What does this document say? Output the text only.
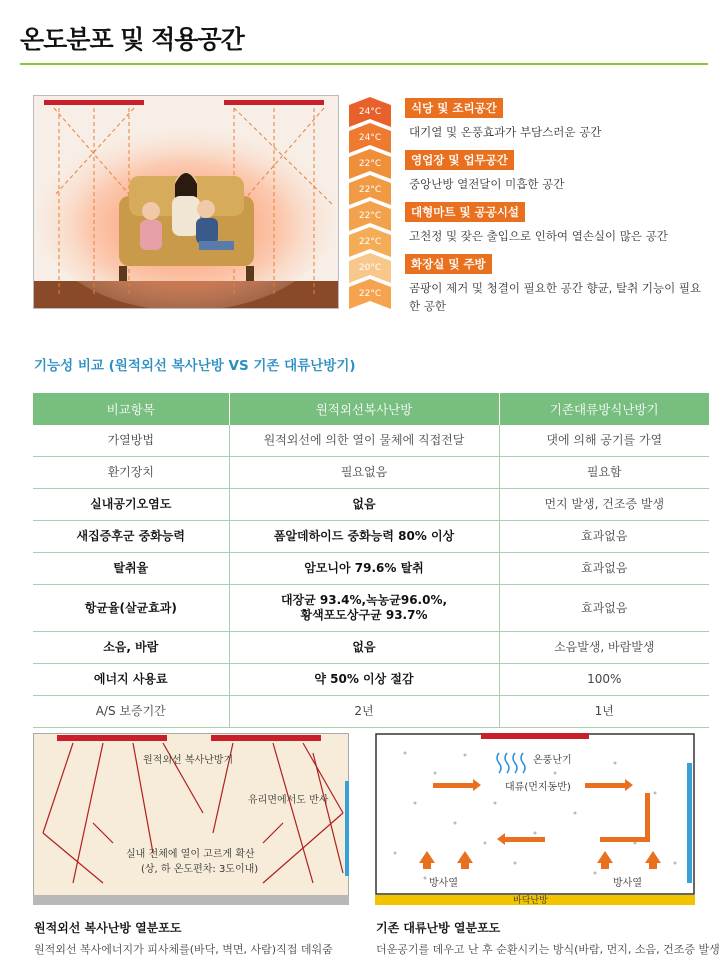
온도분포 및 적용공간
24°C
24°C
22°C
22°C
22°C
22°C
20°C
22°C
식당 및 조리공간
대기열 및 온풍효과가 부담스러운 공간
영업장 및 업무공간
중앙난방 열전달이 미흡한 공간
대형마트 및 공공시설
고천정 및 잦은 출입으로 인하여 열손실이 많은 공간
화장실 및 주방
곰팡이 제거 및 청결이 필요한 공간 향균, 탈취 기능이 필요한 공한
기능성 비교 (원적외선 복사난방 VS 기존 대류난방기)
비교항목	원적외선복사난방	기존대류방식난방기
가열방법	원적외선에 의한 열이 물체에 직접전달	댓에 의해 공기를 가열
환기장치	필요없음	필요함
실내공기오염도	없음	먼지 발생, 건조증 발생
새집증후군 중화능력	폼알데하이드 중화능력 80% 이상	효과없음
탈취율	암모니아 79.6% 탈취	효과없음
항균율(살균효과)	대장균 93.4%,녹농균96.0%,
황색포도상구균 93.7%	효과없음
소음, 바람	없음	소음발생, 바람발생
에너지 사용료	약 50% 이상 절감	100%
A/S 보증기간	2년	1년
원적외선 복사난방기
유리면에서도 반사
실내 전체에 열이 고르게 확산
(상, 하 온도편차: 3도이내)
원적외선 복사난방 열분포도
원적외선 복사에너지가 피사체를(바닥, 벽면, 사람)직접 데워줌
온풍난기
대류(먼지동반)
방사열	방사열
바닥난방
기존 대류난방 열분포도
더운공기를 데우고 난 후 순환시키는 방식(바람, 먼지, 소음, 건조증 발생
